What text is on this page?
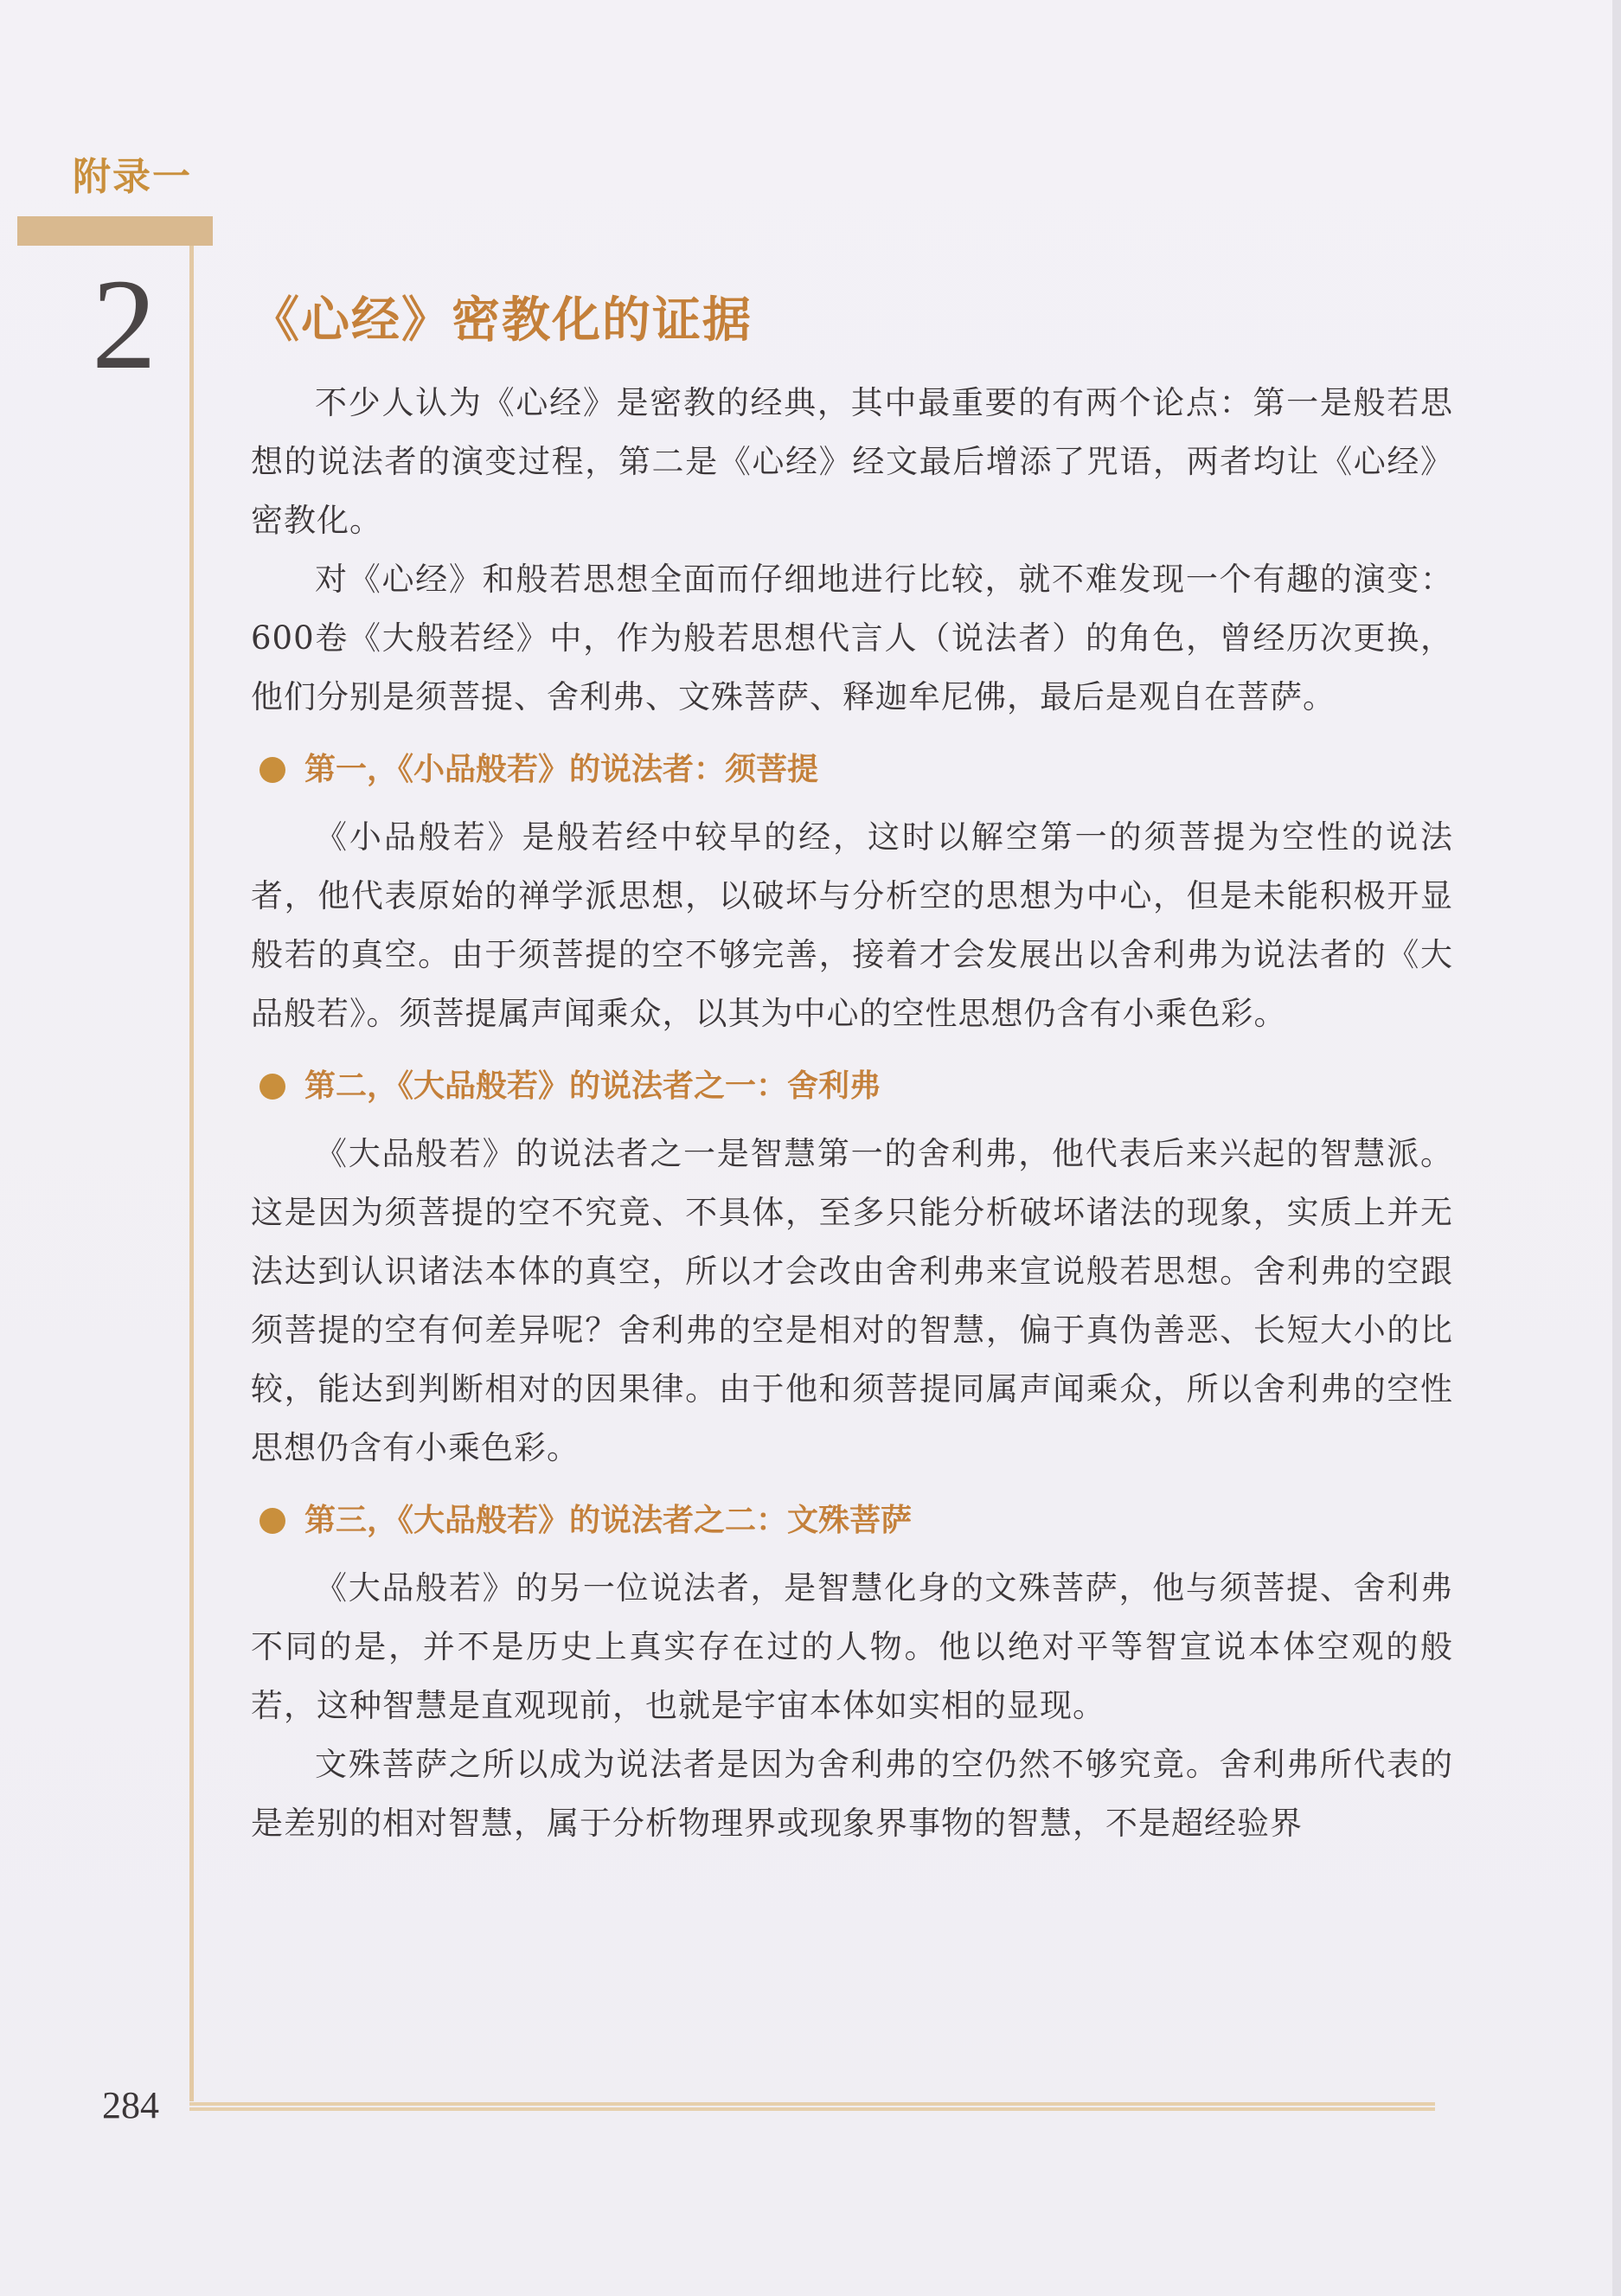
附录一
2 《心经》密教化的证据

不少人认为《心经》是密教的经典，其中最重要的有两个论点：第一是般若思想的说法者的演变过程，第二是《心经》经文最后增添了咒语，两者均让《心经》密教化。

对《心经》和般若思想全面而仔细地进行比较，就不难发现一个有趣的演变：600卷《大般若经》中，作为般若思想代言人（说法者）的角色，曾经历次更换，他们分别是须菩提、舍利弗、文殊菩萨、释迦牟尼佛，最后是观自在菩萨。

第一，《小品般若》的说法者：须菩提

《小品般若》是般若经中较早的经，这时以解空第一的须菩提为空性的说法者，他代表原始的禅学派思想，以破坏与分析空的思想为中心，但是未能积极开显般若的真空。由于须菩提的空不够完善，接着才会发展出以舍利弗为说法者的《大品般若》。须菩提属声闻乘众，以其为中心的空性思想仍含有小乘色彩。

第二，《大品般若》的说法者之一：舍利弗

《大品般若》的说法者之一是智慧第一的舍利弗，他代表后来兴起的智慧派。这是因为须菩提的空不究竟、不具体，至多只能分析破坏诸法的现象，实质上并无法达到认识诸法本体的真空，所以才会改由舍利弗来宣说般若思想。舍利弗的空跟须菩提的空有何差异呢？舍利弗的空是相对的智慧，偏于真伪善恶、长短大小的比较，能达到判断相对的因果律。由于他和须菩提同属声闻乘众，所以舍利弗的空性思想仍含有小乘色彩。

第三，《大品般若》的说法者之二：文殊菩萨

《大品般若》的另一位说法者，是智慧化身的文殊菩萨，他与须菩提、舍利弗不同的是，并不是历史上真实存在过的人物。他以绝对平等智宣说本体空观的般若，这种智慧是直观现前，也就是宇宙本体如实相的显现。

文殊菩萨之所以成为说法者是因为舍利弗的空仍然不够究竟。舍利弗所代表的是差别的相对智慧，属于分析物理界或现象界事物的智慧，不是超经验界

284
